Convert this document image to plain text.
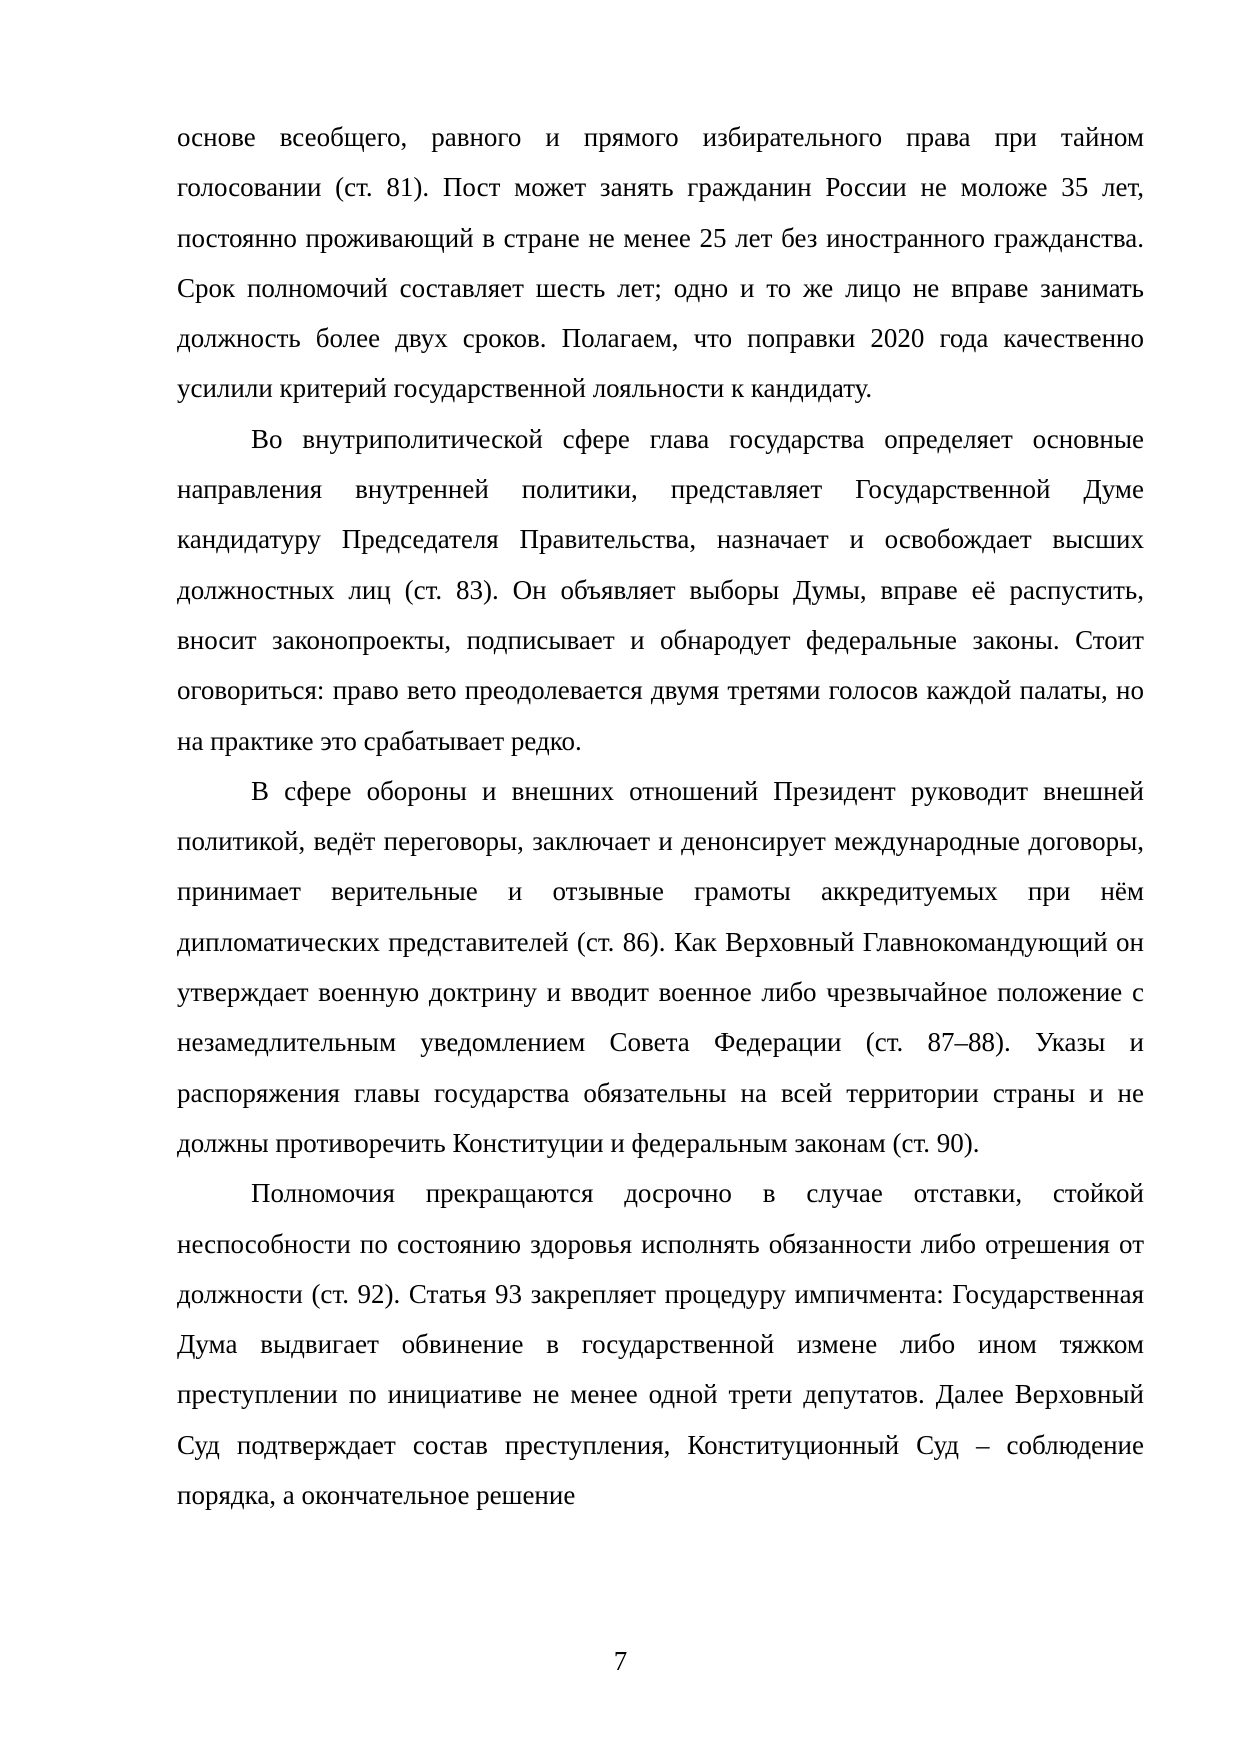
основе всеобщего, равного и прямого избирательного права при тайном голосовании (ст. 81). Пост может занять гражданин России не моложе 35 лет, постоянно проживающий в стране не менее 25 лет без иностранного гражданства. Срок полномочий составляет шесть лет; одно и то же лицо не вправе занимать должность более двух сроков. Полагаем, что поправки 2020 года качественно усилили критерий государственной лояльности к кандидату.

Во внутриполитической сфере глава государства определяет основные направления внутренней политики, представляет Государственной Думе кандидатуру Председателя Правительства, назначает и освобождает высших должностных лиц (ст. 83). Он объявляет выборы Думы, вправе её распустить, вносит законопроекты, подписывает и обнародует федеральные законы. Стоит оговориться: право вето преодолевается двумя третями голосов каждой палаты, но на практике это срабатывает редко.

В сфере обороны и внешних отношений Президент руководит внешней политикой, ведёт переговоры, заключает и денонсирует международные договоры, принимает верительные и отзывные грамоты аккредитуемых при нём дипломатических представителей (ст. 86). Как Верховный Главнокомандующий он утверждает военную доктрину и вводит военное либо чрезвычайное положение с незамедлительным уведомлением Совета Федерации (ст. 87–88). Указы и распоряжения главы государства обязательны на всей территории страны и не должны противоречить Конституции и федеральным законам (ст. 90).

Полномочия прекращаются досрочно в случае отставки, стойкой неспособности по состоянию здоровья исполнять обязанности либо отрешения от должности (ст. 92). Статья 93 закрепляет процедуру импичмента: Государственная Дума выдвигает обвинение в государственной измене либо ином тяжком преступлении по инициативе не менее одной трети депутатов. Далее Верховный Суд подтверждает состав преступления, Конституционный Суд – соблюдение порядка, а окончательное решение

7
